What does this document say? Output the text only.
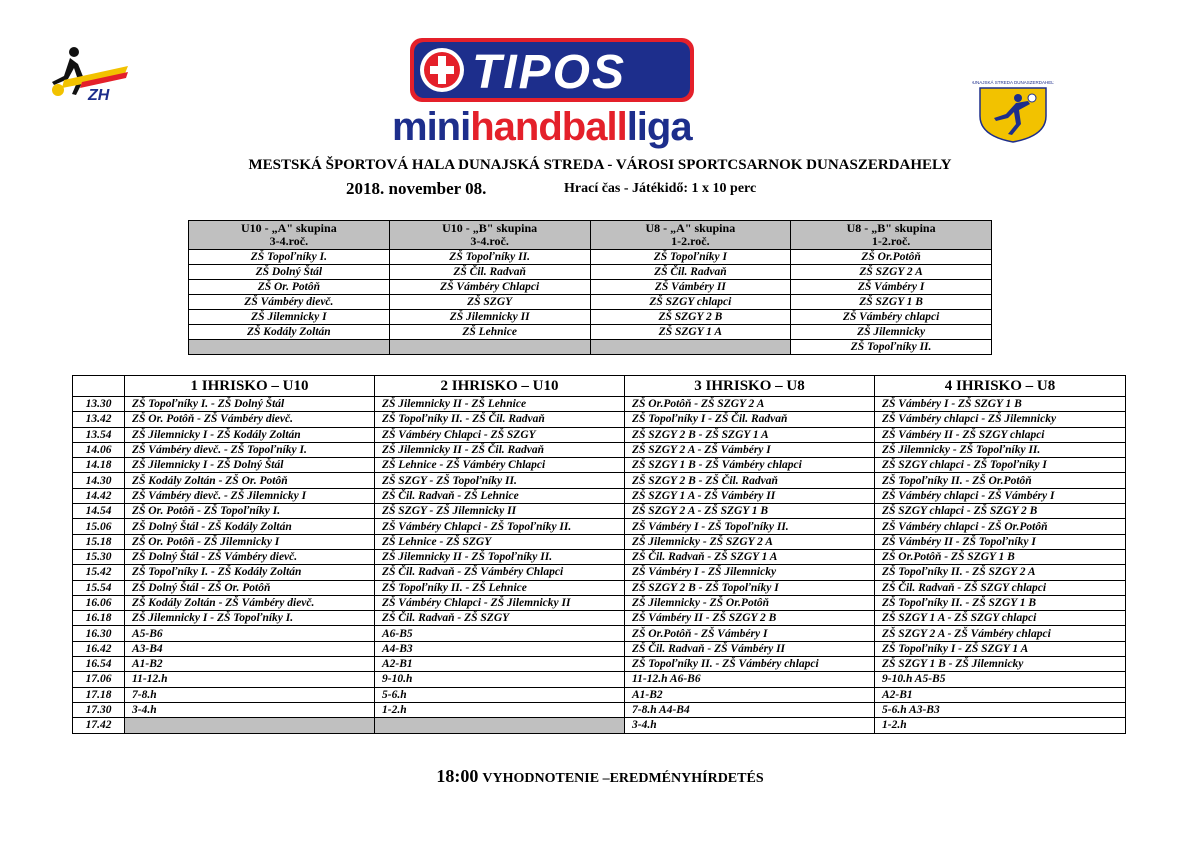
ZH	TIPOS
minihandballliga
DUNAJSKÁ STREDA DUNASZERDAHELY
MESTSKÁ ŠPORTOVÁ HALA DUNAJSKÁ STREDA - VÁROSI SPORTCSARNOK DUNASZERDAHELY
2018. november 08.	Hrací čas - Játékidő: 1 x 10 perc
U10 - „A" skupina
3-4.roč.	U10 - „B" skupina
3-4.roč.	U8 - „A" skupina
1-2.roč.	U8 - „B" skupina
1-2.roč.
ZŠ Topoľníky I.	ZŠ Topoľníky II.	ZŠ Topoľníky I	ZŠ Or.Potôň
ZŠ Dolný Štál	ZŠ Čil. Radvaň	ZŠ Čil. Radvaň	ZŠ SZGY 2 A
ZŠ Or. Potôň	ZŠ Vámbéry Chlapci	ZŠ Vámbéry II	ZŠ Vámbéry I
ZŠ Vámbéry dievč.	ZŠ SZGY	ZŠ SZGY chlapci	ZŠ SZGY 1 B
ZŠ Jilemnicky I	ZŠ Jilemnicky II	ZŠ SZGY 2 B	ZŠ Vámbéry chlapci
ZŠ Kodály Zoltán	ZŠ Lehnice	ZŠ SZGY 1 A	ZŠ Jilemnicky
			ZŠ Topoľníky II.
	1 IHRISKO – U10	2 IHRISKO – U10	3 IHRISKO – U8	4 IHRISKO – U8
13.30	ZŠ Topoľníky I. - ZŠ Dolný Štál	ZŠ Jilemnicky II - ZŠ Lehnice	ZŠ Or.Potôň - ZŠ SZGY 2 A	ZŠ Vámbéry I - ZŠ SZGY 1 B
13.42	ZŠ Or. Potôň - ZŠ Vámbéry dievč.	ZŠ Topoľníky II. - ZŠ Čil. Radvaň	ZŠ Topoľníky I - ZŠ Čil. Radvaň	ZŠ Vámbéry chlapci - ZŠ Jilemnicky
13.54	ZŠ Jilemnicky I - ZŠ Kodály Zoltán	ZŠ Vámbéry Chlapci - ZŠ SZGY	ZŠ SZGY 2 B - ZŠ SZGY 1 A	ZŠ Vámbéry II - ZŠ SZGY chlapci
14.06	ZŠ Vámbéry dievč. - ZŠ Topoľníky I.	ZŠ Jilemnicky II - ZŠ Čil. Radvaň	ZŠ SZGY 2 A - ZŠ Vámbéry I	ZŠ Jilemnicky - ZŠ Topoľníky II.
14.18	ZŠ Jilemnicky I - ZŠ Dolný Štál	ZŠ Lehnice - ZŠ Vámbéry Chlapci	ZŠ SZGY 1 B - ZŠ Vámbéry chlapci	ZŠ SZGY chlapci - ZŠ Topoľníky I
14.30	ZŠ Kodály Zoltán - ZŠ Or. Potôň	ZŠ SZGY - ZŠ Topoľníky II.	ZŠ SZGY 2 B - ZŠ Čil. Radvaň	ZŠ Topoľníky II. - ZŠ Or.Potôň
14.42	ZŠ Vámbéry dievč. - ZŠ Jilemnicky I	ZŠ Čil. Radvaň - ZŠ Lehnice	ZŠ SZGY 1 A - ZŠ Vámbéry II	ZŠ Vámbéry chlapci - ZŠ Vámbéry I
14.54	ZŠ Or. Potôň - ZŠ Topoľníky I.	ZŠ SZGY - ZŠ Jilemnicky II	ZŠ SZGY 2 A - ZŠ SZGY 1 B	ZŠ SZGY chlapci - ZŠ SZGY 2 B
15.06	ZŠ Dolný Štál - ZŠ Kodály Zoltán	ZŠ Vámbéry Chlapci - ZŠ Topoľníky II.	ZŠ Vámbéry I - ZŠ Topoľníky II.	ZŠ Vámbéry chlapci - ZŠ Or.Potôň
15.18	ZŠ Or. Potôň - ZŠ Jilemnicky I	ZŠ Lehnice - ZŠ SZGY	ZŠ Jilemnicky - ZŠ SZGY 2 A	ZŠ Vámbéry II - ZŠ Topoľníky I
15.30	ZŠ Dolný Štál - ZŠ Vámbéry dievč.	ZŠ Jilemnicky II - ZŠ Topoľníky II.	ZŠ Čil. Radvaň - ZŠ SZGY 1 A	ZŠ Or.Potôň - ZŠ SZGY 1 B
15.42	ZŠ Topoľníky I. - ZŠ Kodály Zoltán	ZŠ Čil. Radvaň - ZŠ Vámbéry Chlapci	ZŠ Vámbéry I - ZŠ Jilemnicky	ZŠ Topoľníky II. - ZŠ SZGY 2 A
15.54	ZŠ Dolný Štál - ZŠ Or. Potôň	ZŠ Topoľníky II. - ZŠ Lehnice	ZŠ SZGY 2 B - ZŠ Topoľníky I	ZŠ Čil. Radvaň - ZŠ SZGY chlapci
16.06	ZŠ Kodály Zoltán - ZŠ Vámbéry dievč.	ZŠ Vámbéry Chlapci - ZŠ Jilemnicky II	ZŠ Jilemnicky - ZŠ Or.Potôň	ZŠ Topoľníky II. - ZŠ SZGY 1 B
16.18	ZŠ Jilemnicky I - ZŠ Topoľníky I.	ZŠ Čil. Radvaň - ZŠ SZGY	ZŠ Vámbéry II - ZŠ SZGY 2 B	ZŠ SZGY 1 A - ZŠ SZGY chlapci
16.30	A5-B6	A6-B5	ZŠ Or.Potôň - ZŠ Vámbéry I	ZŠ SZGY 2 A - ZŠ Vámbéry chlapci
16.42	A3-B4	A4-B3	ZŠ Čil. Radvaň - ZŠ Vámbéry II	ZŠ Topoľníky I - ZŠ SZGY 1 A
16.54	A1-B2	A2-B1	ZŠ Topoľníky II. - ZŠ Vámbéry chlapci	ZŠ SZGY 1 B - ZŠ Jilemnicky
17.06	11-12.h	9-10.h	11-12.h A6-B6	9-10.h A5-B5
17.18	7-8.h	5-6.h	A1-B2	A2-B1
17.30	3-4.h	1-2.h	7-8.h A4-B4	5-6.h A3-B3
17.42			3-4.h	1-2.h
18:00 VYHODNOTENIE –EREDMÉNYHÍRDETÉS
